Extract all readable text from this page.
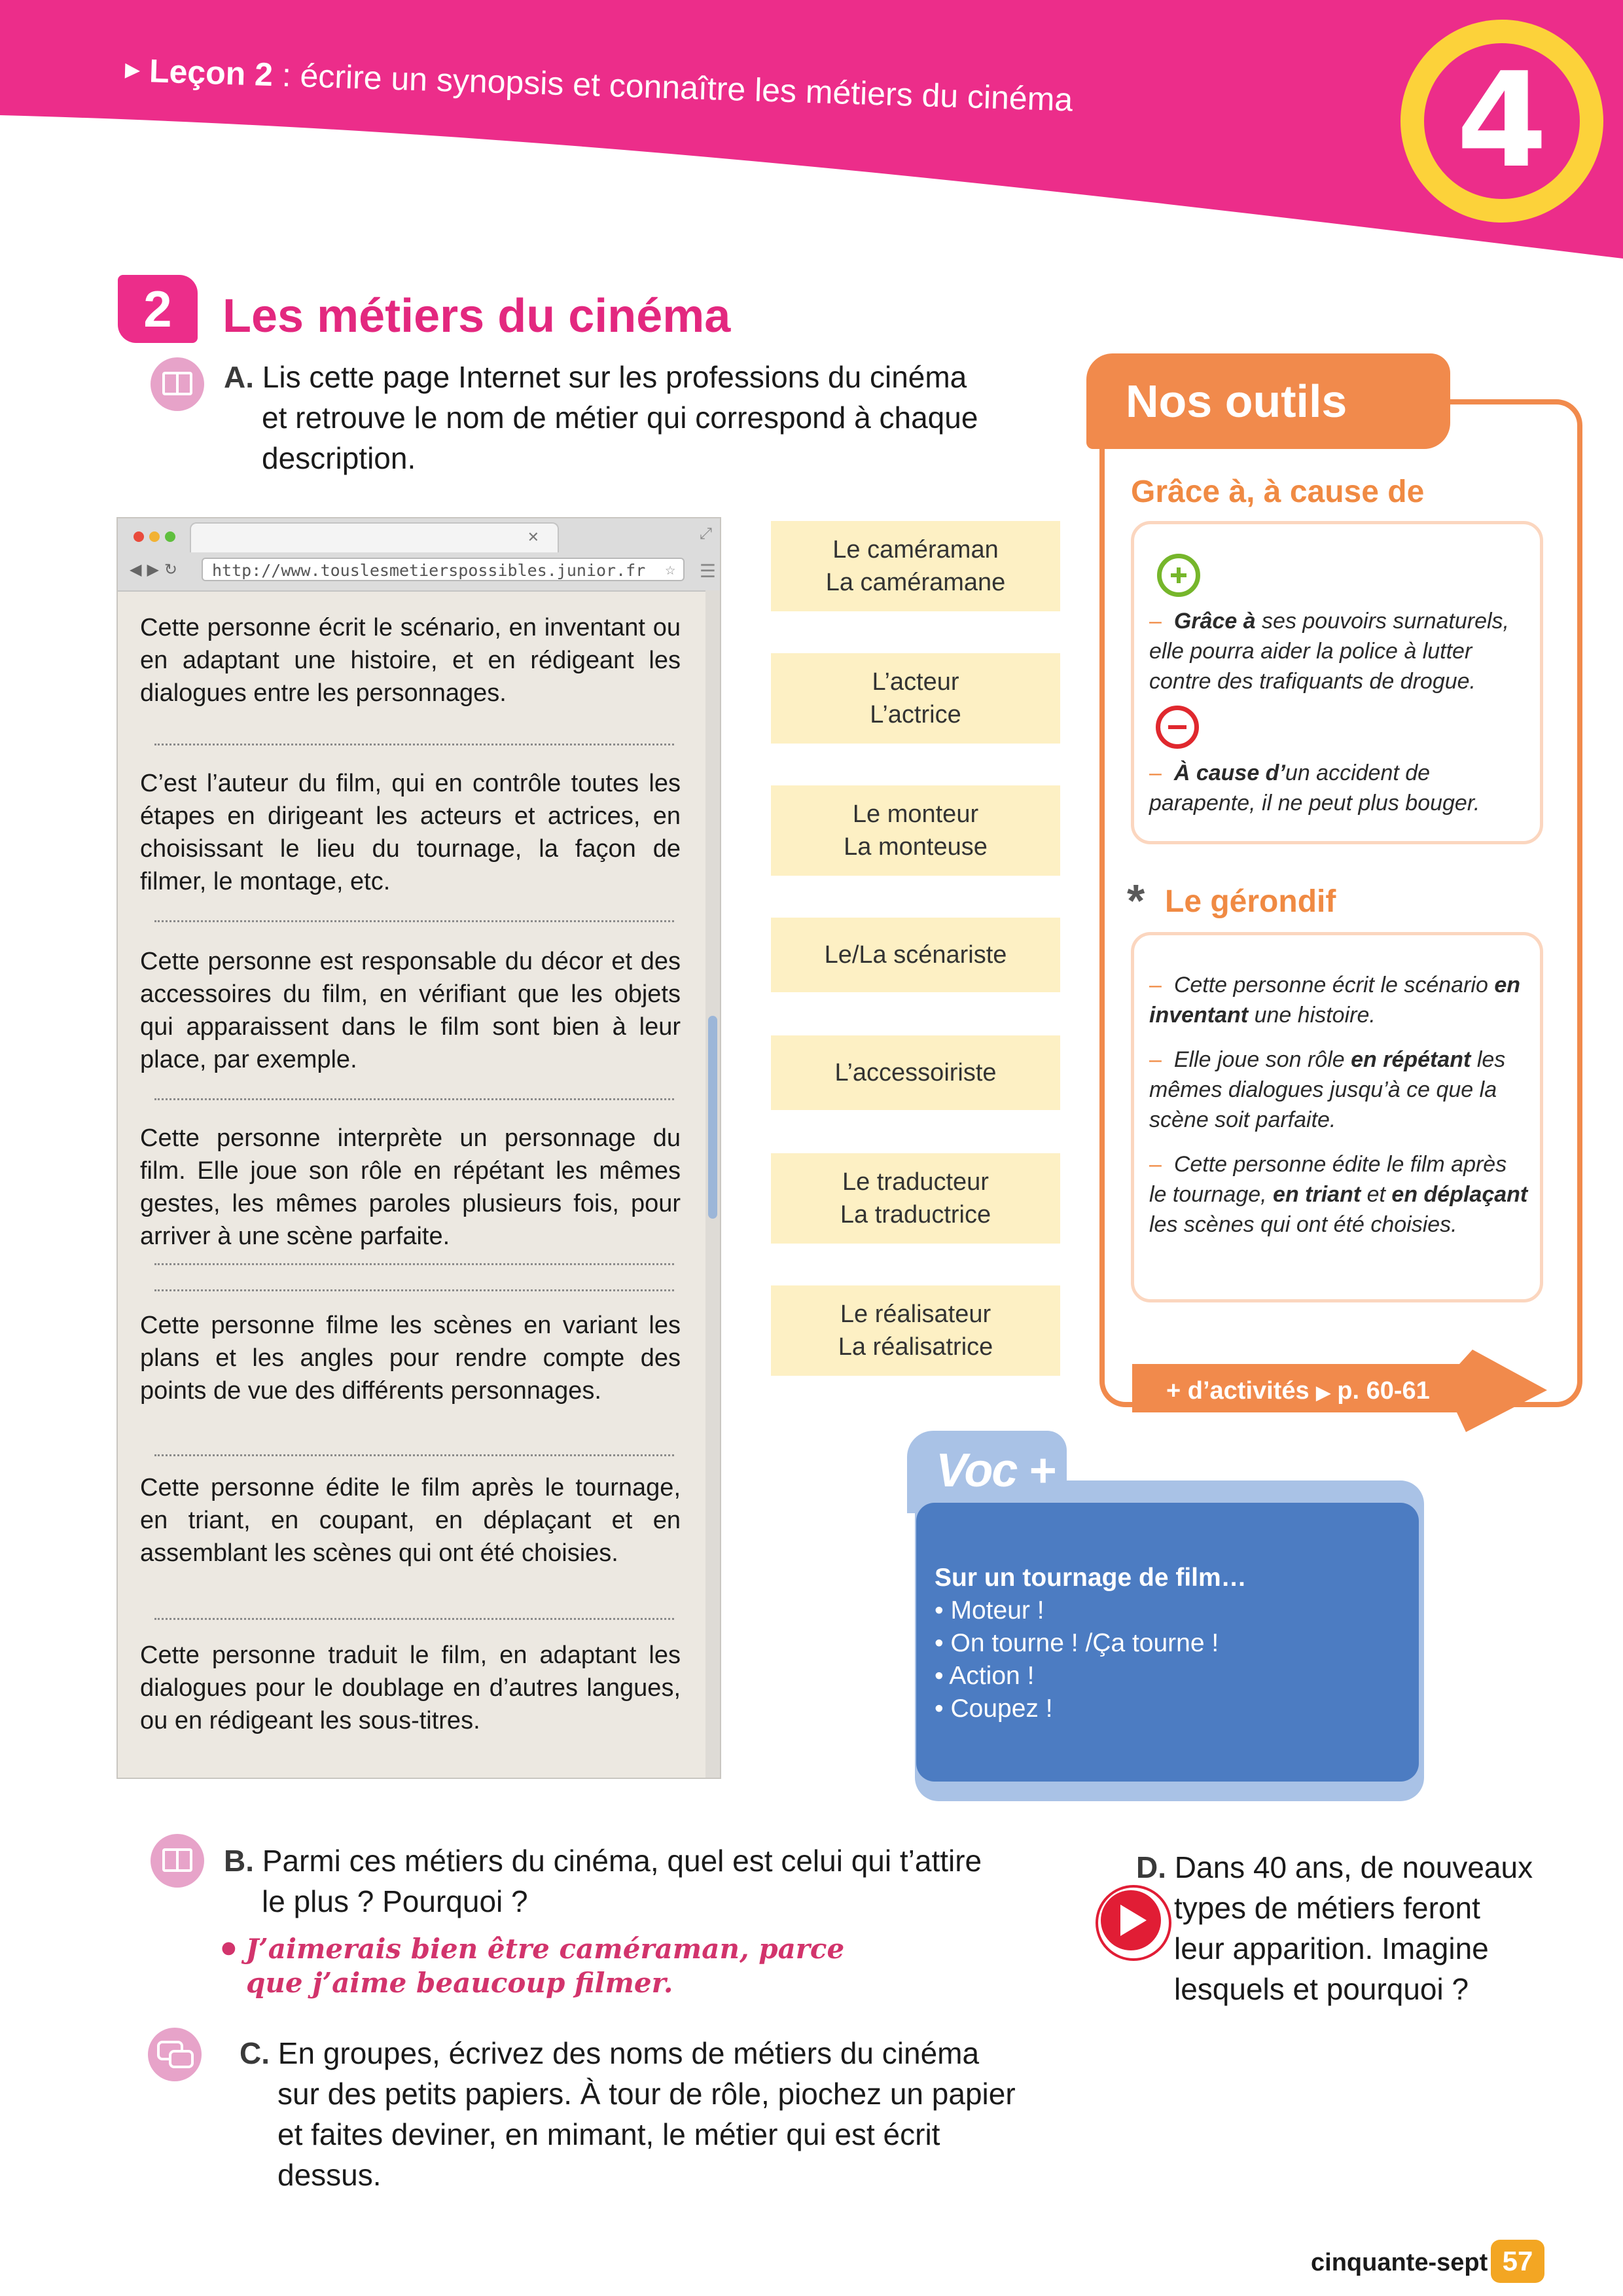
▶ Leçon 2 : écrire un synopsis et connaître les métiers du cinéma	4
2	Les métiers du cinéma
A. Lis cette page Internet sur les professions du cinéma
et retrouve le nom de métier qui correspond à chaque
description.
✕	⤢
◀▶↻	http://www.touslesmetierspossibles.junior.fr ☆ ☰
Cette personne écrit le scénario, en inventant ou en adaptant une histoire, et en rédigeant les dialogues entre les personnages.
C’est l’auteur du film, qui en contrôle toutes les étapes en dirigeant les acteurs et actrices, en choisissant le lieu du tournage, la façon de filmer, le montage, etc.
Cette personne est responsable du décor et des accessoires du film, en vérifiant que les objets qui apparaissent dans le film sont bien à leur place, par exemple.
Cette personne interprète un personnage du film. Elle joue son rôle en répétant les mêmes gestes, les mêmes paroles plusieurs fois, pour arriver à une scène parfaite.
Cette personne filme les scènes en variant les plans et les angles pour rendre compte des points de vue des différents personnages.
Cette personne édite le film après le tournage, en triant, en coupant, en déplaçant et en assemblant les scènes qui ont été choisies.
Cette personne traduit le film, en adaptant les dialogues pour le doublage en d’autres langues, ou en rédigeant les sous-titres.
Le caméraman
La caméramane
L’acteur
L’actrice
Le monteur
La monteuse
Le/La scénariste
L’accessoiriste
Le traducteur
La traductrice
Le réalisateur
La réalisatrice
Nos outils
Grâce à, à cause de
– Grâce à ses pouvoirs surnaturels, elle pourra aider la police à lutter contre des trafiquants de drogue.
– À cause d’un accident de parapente, il ne peut plus bouger.
* Le gérondif
– Cette personne écrit le scénario en inventant une histoire.
– Elle joue son rôle en répétant les mêmes dialogues jusqu’à ce que la scène soit parfaite.
– Cette personne édite le film après le tournage, en triant et en déplaçant les scènes qui ont été choisies.
+ d’activités ▶ p. 60-61
Voc +
Sur un tournage de film…
• Moteur !
• On tourne ! /Ça tourne !
• Action !
• Coupez !
B. Parmi ces métiers du cinéma, quel est celui qui t’attire
le plus ? Pourquoi ?
● J’aimerais bien être caméraman, parce
que j’aime beaucoup filmer.
C. En groupes, écrivez des noms de métiers du cinéma
sur des petits papiers. À tour de rôle, piochez un papier
et faites deviner, en mimant, le métier qui est écrit
dessus.
D. Dans 40 ans, de nouveaux
types de métiers feront
leur apparition. Imagine
lesquels et pourquoi ?
cinquante-sept 57
